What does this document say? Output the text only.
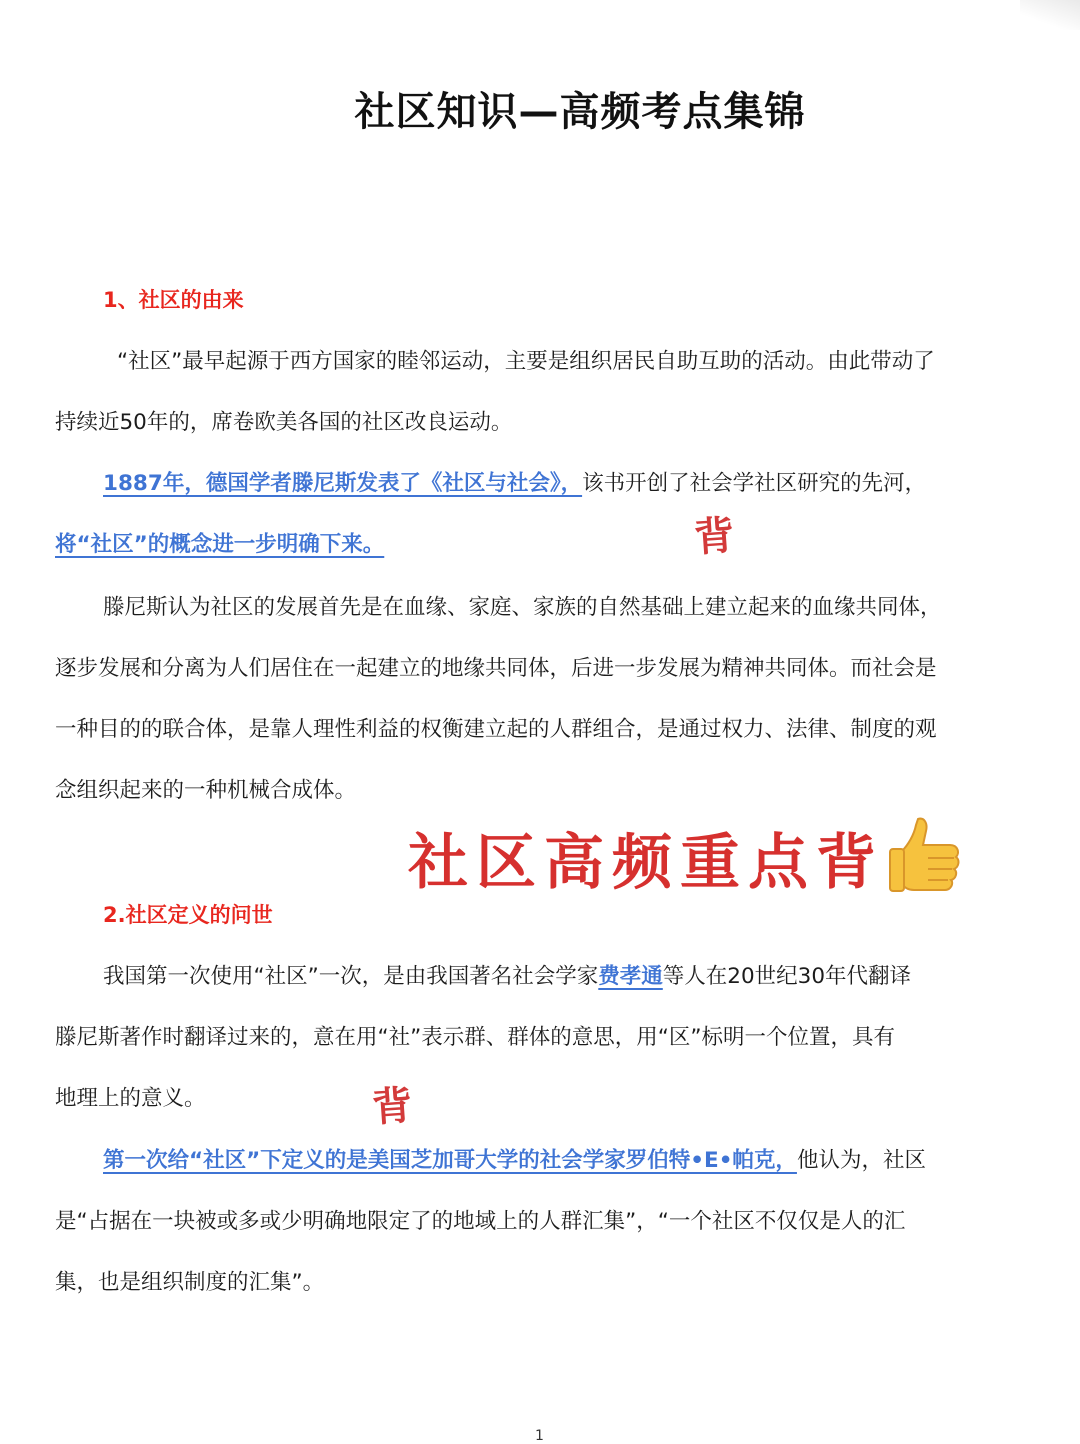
社区知识—高频考点集锦
1、社区的由来
“社区”最早起源于西方国家的睦邻运动，主要是组织居民自助互助的活动。由此带动了
持续近50年的，席卷欧美各国的社区改良运动。
1887年，德国学者滕尼斯发表了《社区与社会》，该书开创了社会学社区研究的先河，
将“社区”的概念进一步明确下来。	背
滕尼斯认为社区的发展首先是在血缘、家庭、家族的自然基础上建立起来的血缘共同体，
逐步发展和分离为人们居住在一起建立的地缘共同体，后进一步发展为精神共同体。而社会是
一种目的的联合体，是靠人理性利益的权衡建立起的人群组合，是通过权力、法律、制度的观
念组织起来的一种机械合成体。
社区高频重点背
2.社区定义的问世
我国第一次使用“社区”一次，是由我国著名社会学家费孝通等人在20世纪30年代翻译
滕尼斯著作时翻译过来的，意在用“社”表示群、群体的意思，用“区”标明一个位置，具有
地理上的意义。	背
第一次给“社区”下定义的是美国芝加哥大学的社会学家罗伯特•E•帕克，他认为，社区
是“占据在一块被或多或少明确地限定了的地域上的人群汇集”，“一个社区不仅仅是人的汇
集，也是组织制度的汇集”。
1
